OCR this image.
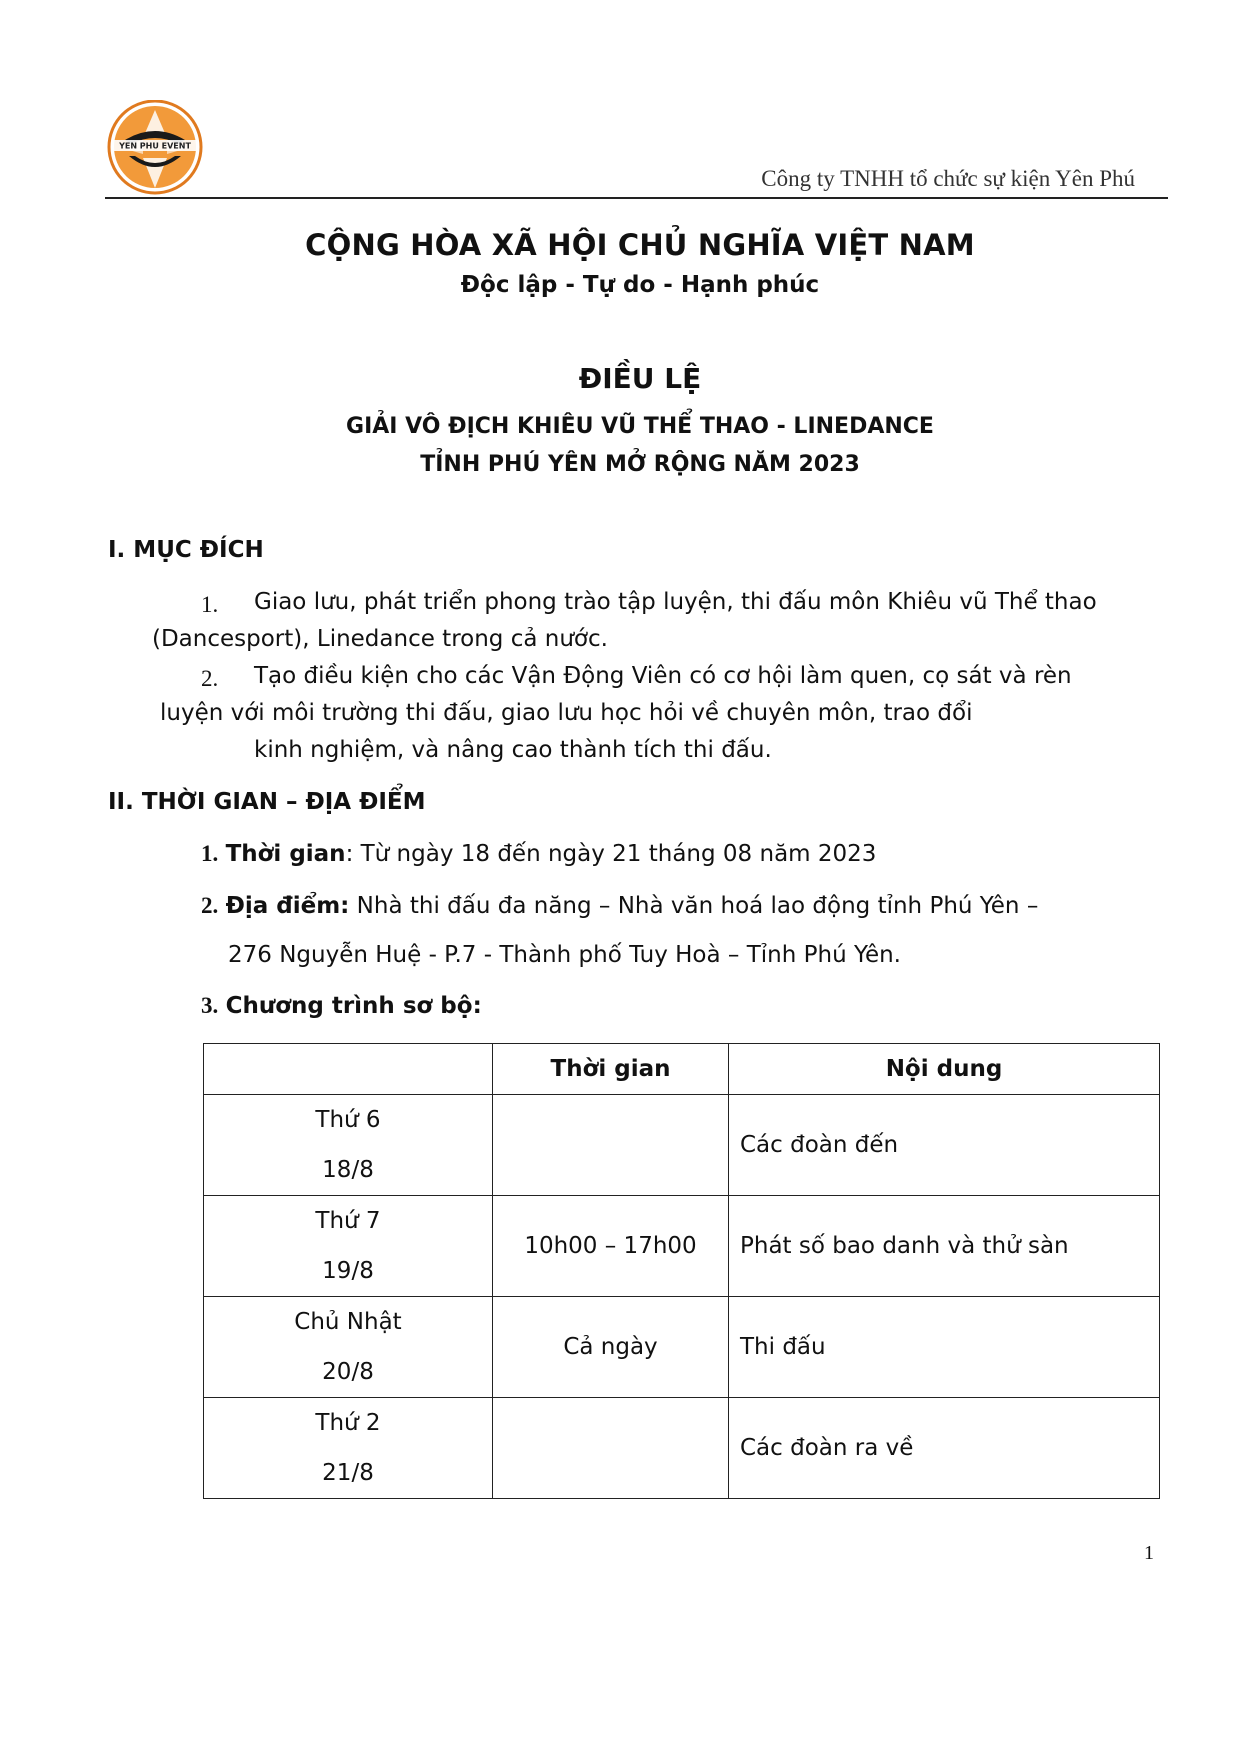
YEN PHU EVENT
Công ty TNHH tổ chức sự kiện Yên Phú
CỘNG HÒA XÃ HỘI CHỦ NGHĨA VIỆT NAM
Độc lập - Tự do - Hạnh phúc
ĐIỀU LỆ
GIẢI VÔ ĐỊCH KHIÊU VŨ THỂ THAO - LINEDANCE
TỈNH PHÚ YÊN MỞ RỘNG NĂM 2023
I. MỤC ĐÍCH
1. Giao lưu, phát triển phong trào tập luyện, thi đấu môn Khiêu vũ Thể thao
(Dancesport), Linedance trong cả nước.
2. Tạo điều kiện cho các Vận Động Viên có cơ hội làm quen, cọ sát và rèn
luyện với môi trường thi đấu, giao lưu học hỏi về chuyên môn, trao đổi
kinh nghiệm, và nâng cao thành tích thi đấu.
II. THỜI GIAN – ĐỊA ĐIỂM
1. Thời gian: Từ ngày 18 đến ngày 21 tháng 08 năm 2023
2. Địa điểm: Nhà thi đấu đa năng – Nhà văn hoá lao động tỉnh Phú Yên –
276 Nguyễn Huệ - P.7 - Thành phố Tuy Hoà – Tỉnh Phú Yên.
3. Chương trình sơ bộ:
	Thời gian	Nội dung

Thứ 6
18/8		Các đoàn đến

Thứ 7
19/8	10h00 – 17h00	Phát số bao danh và thử sàn

Chủ Nhật
20/8	Cả ngày	Thi đấu

Thứ 2
21/8		Các đoàn ra về
1
